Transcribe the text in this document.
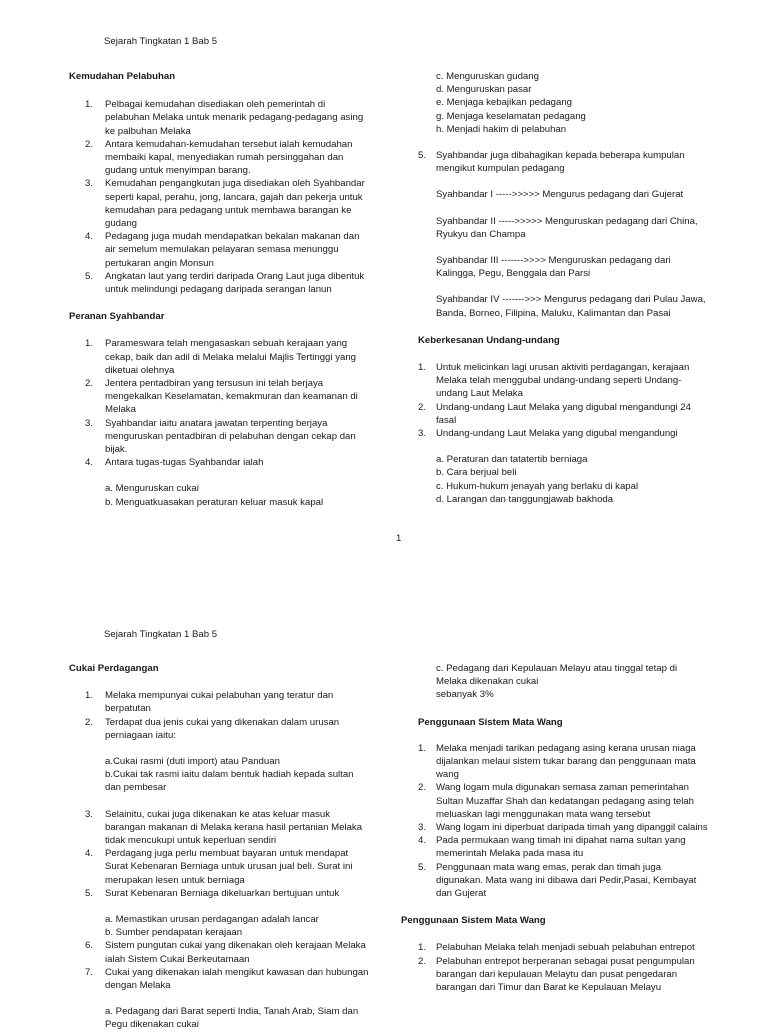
Sejarah Tingkatan 1 Bab 5

Kemudahan Pelabuhan

1. Pelbagai kemudahan disediakan oleh pemerintah di pelabuhan Melaka untuk menarik pedagang-pedagang asing ke palbuhan Melaka
2. Antara kemudahan-kemudahan tersebut ialah kemudahan membaiki kapal, menyediakan rumah persinggahan dan gudang untuk menyimpan barang.
3. Kemudahan pengangkutan juga disediakan oleh Syahbandar seperti kapal, perahu, jong, lancara, gajah dan pekerja untuk kemudahan para pedagang untuk membawa barangan ke gudang
4. Pedagang juga mudah mendapatkan bekalan makanan dan air semelum memulakan pelayaran semasa menunggu pertukaran angin Monsun
5. Angkatan laut yang terdiri daripada Orang Laut juga dibentuk untuk melindungi pedagang daripada serangan lanun

Peranan Syahbandar

1. Parameswara telah mengasaskan sebuah kerajaan yang cekap, baik dan adil di Melaka melalui Majlis Tertinggi yang diketuai olehnya
2. Jentera pentadbiran yang tersusun ini telah berjaya mengekalkan Keselamatan, kemakmuran dan keamanan di Melaka
3. Syahbandar iaitu anatara jawatan terpenting berjaya menguruskan pentadbiran di pelabuhan dengan cekap dan bijak.
4. Antara tugas-tugas Syahbandar ialah

a. Menguruskan cukai

b. Menguatkuasakan peraturan keluar masuk kapal

c. Menguruskan gudang

d. Menguruskan pasar

e. Menjaga kebajikan pedagang

g. Menjaga keselamatan pedagang

h. Menjadi hakim di pelabuhan

5. Syahbandar juga dibahagikan kepada beberapa kumpulan mengikut kumpulan pedagang

Syahbandar I ----->>>>> Mengurus pedagang dari Gujerat

Syahbandar II ----->>>>> Menguruskan pedagang dari China, Ryukyu dan Champa

Syahbandar III ------->>>> Menguruskan pedagang dari Kalingga, Pegu, Benggala dan Parsi

Syahbandar IV ------->>> Mengurus pedagang dari Pulau Jawa, Banda, Borneo, Filipina, Maluku, Kalimantan dan Pasai

Keberkesanan Undang-undang

1. Untuk melicinkan lagi urusan aktiviti perdagangan, kerajaan Melaka telah menggubal undang-undang seperti Undang-undang Laut Melaka
2. Undang-undang Laut Melaka yang digubal mengandungi 24 fasal
3. Undang-undang Laut Melaka yang digubal mengandungi

a. Peraturan dan tatatertib berniaga

b. Cara berjual beli

c. Hukum-hukum jenayah yang berlaku di kapal

d. Larangan dan tanggungjawab bakhoda

1
Sejarah Tingkatan 1 Bab 5

Cukai Perdagangan

1. Melaka mempunyai cukai pelabuhan yang teratur dan berpatutan
2. Terdapat dua jenis cukai yang dikenakan dalam urusan perniagaan iaitu:

a.Cukai rasmi (duti import) atau Panduan

b.Cukai tak rasmi iaitu dalam bentuk hadiah kepada sultan dan pembesar

3. Selainitu, cukai juga dikenakan ke atas keluar masuk barangan makanan di Melaka kerana hasil pertanian Melaka tidak mencukupi untuk keperluan sendiri
4. Perdagang juga perlu membuat bayaran untuk mendapat Surat Kebenaran Berniaga untuk urusan jual beli. Surat ini merupakan lesen untuk berniaga
5. Surat Kebenaran Berniaga dikeluarkan bertujuan untuk

a. Memastikan urusan perdagangan adalah lancar

b. Sumber pendapatan kerajaan

6. Sistem pungutan cukai yang dikenakan oleh kerajaan Melaka ialah Sistem Cukai Berkeutamaan
7. Cukai yang dikenakan ialah mengikut kawasan dan hubungan dengan Melaka

a. Pedagang dari Barat seperti India, Tanah Arab, Siam dan Pegu dikenakan cukai

c. Pedagang dari Kepulauan Melayu atau tinggal tetap di Melaka dikenakan cukai

sebanyak 3%

Penggunaan Sistem Mata Wang

1. Melaka menjadi tarikan pedagang asing kerana urusan niaga dijalankan melaui sistem tukar barang dan penggunaan mata wang
2. Wang logam mula digunakan semasa zaman pemerintahan Sultan Muzaffar Shah dan kedatangan pedagang asing telah meluaskan lagi menggunakan mata wang tersebut
3. Wang logam ini diperbuat daripada timah yang dipanggil calains
4. Pada permukaan wang timah ini dipahat nama sultan yang memerintah Melaka pada masa itu
5. Penggunaan mata wang emas, perak dan timah juga digunakan. Mata wang ini dibawa dari Pedir,Pasai, Kembayat dan Gujerat

Penggunaan Sistem Mata Wang

1. Pelabuhan Melaka telah menjadi sebuah pelabuhan entrepot
2. Pelabuhan entrepot berperanan sebagai pusat pengumpulan barangan dari kepulauan Melaytu dan pusat pengedaran barangan dari Timur dan Barat ke Kepulauan Melayu
